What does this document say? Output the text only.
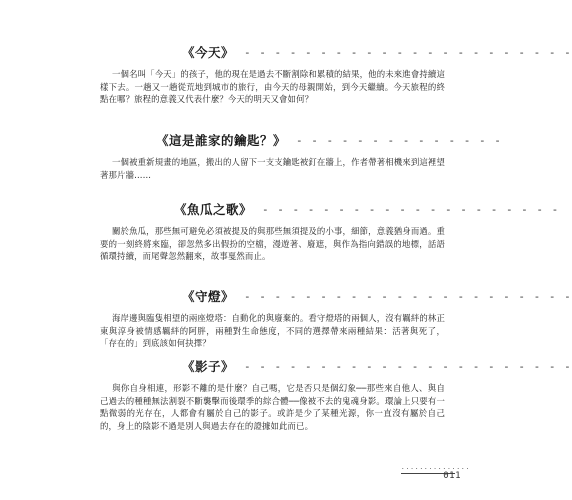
《今天》 - - - - - - - - - - - - - - - - - - - - - -
一個名叫「今天」的孩子，他的現在是過去不斷割除和累積的結果，他的未來進會持續這樣下去。一趟又一趟從荒地到城市的旅行，由今天的母親開始，到今天繼續。今天旅程的終點在哪？旅程的意義又代表什麼？今天的明天又會如何？
《這是誰家的鑰匙？》 - - - - - - - - - - - - - -
一個被重新規畫的地區，搬出的人留下一支支鑰匙被釘在牆上，作者帶著相機來到這裡望著那片牆……
《魚瓜之歌》 - - - - - - - - - - - - - - - - - - - -
關於魚瓜，那些無可避免必須被提及的與那些無須提及的小事，細節，意義猶身而過。重要的一刻終將來臨，卻忽然多出假扮的空檔，漫遊著、廢遮，與作為指向錯誤的地標，話語循環持續，而尾聲忽然翻來，故事戛然而止。
《守燈》 - - - - - - - - - - - - - - - - - - - - - -
海岸邊與臨隻相望的兩座燈塔：自動化的與廢棄的。看守燈塔的兩個人，沒有羈絆的林正東與淳身被情感羈絆的阿胖，兩種對生命態度，不同的選擇帶來兩種結果：活著與死了，「存在的」到底該如何抉擇？
《影子》 - - - - - - - - - - - - - - - - - - - - - -
與你自身相連，形影不離的是什麼？自己嗎，它是否只是個幻象──那些來自他人、與自己過去的種種無法割裂不斷襲擊而後環季的綜合體──像被不去的鬼魂身影。環論上只要有一點微弱的光存在，人都會有屬於自己的影子。或許是少了某種光源，你一直沒有屬於自己的，身上的陰影不過是別人與過去存在的證據如此而已。
...............
011
